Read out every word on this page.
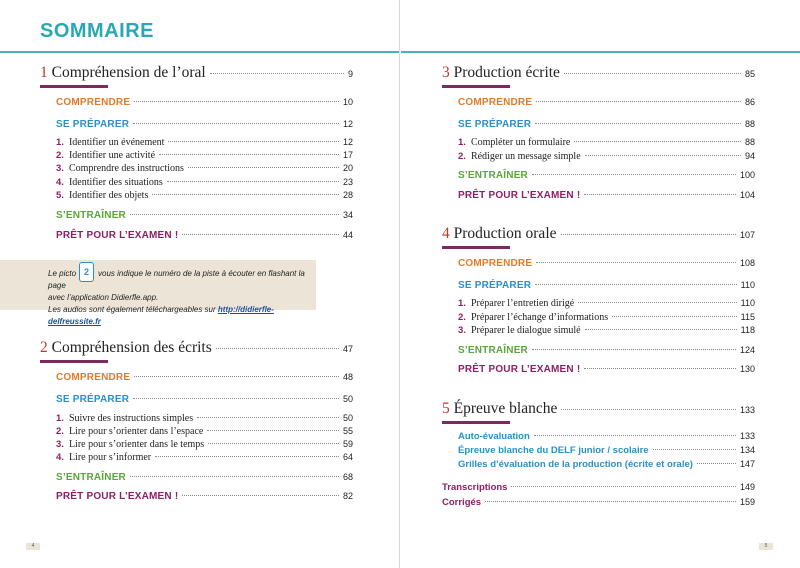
SOMMAIRE
1 Compréhension de l’oral	9
COMPRENDRE	10
SE PRÉPARER	12
1. Identifier un événement	12
2. Identifier une activité	17
3. Comprendre des instructions	20
4. Identifier des situations	23
5. Identifier des objets	28
S’ENTRAÎNER	34
PRÊT POUR L’EXAMEN !	44
Le picto	vous indique le numéro de la piste à écouter en flashant la page
avec l’application Didierfle.app.
Les audios sont également téléchargeables sur http://didierfle-delfreussite.fr
2
2 Compréhension des écrits	47
COMPRENDRE	48
SE PRÉPARER	50
1. Suivre des instructions simples	50
2. Lire pour s’orienter dans l’espace	55
3. Lire pour s’orienter dans le temps	59
4. Lire pour s’informer	64
S’ENTRAÎNER	68
PRÊT POUR L’EXAMEN !	82
4
3 Production écrite	85
COMPRENDRE	86
SE PRÉPARER	88
1. Compléter un formulaire	88
2. Rédiger un message simple	94
S’ENTRAÎNER	100
PRÊT POUR L’EXAMEN !	104
4 Production orale	107
COMPRENDRE	108
SE PRÉPARER	110
1. Préparer l’entretien dirigé	110
2. Préparer l’échange d’informations	115
3. Préparer le dialogue simulé	118
S’ENTRAÎNER	124
PRÊT POUR L’EXAMEN !	130
5 Épreuve blanche	133
Auto-évaluation	133
Épreuve blanche du DELF junior / scolaire	134
Grilles d’évaluation de la production (écrite et orale)	147
Transcriptions	149
Corrigés	159
5
